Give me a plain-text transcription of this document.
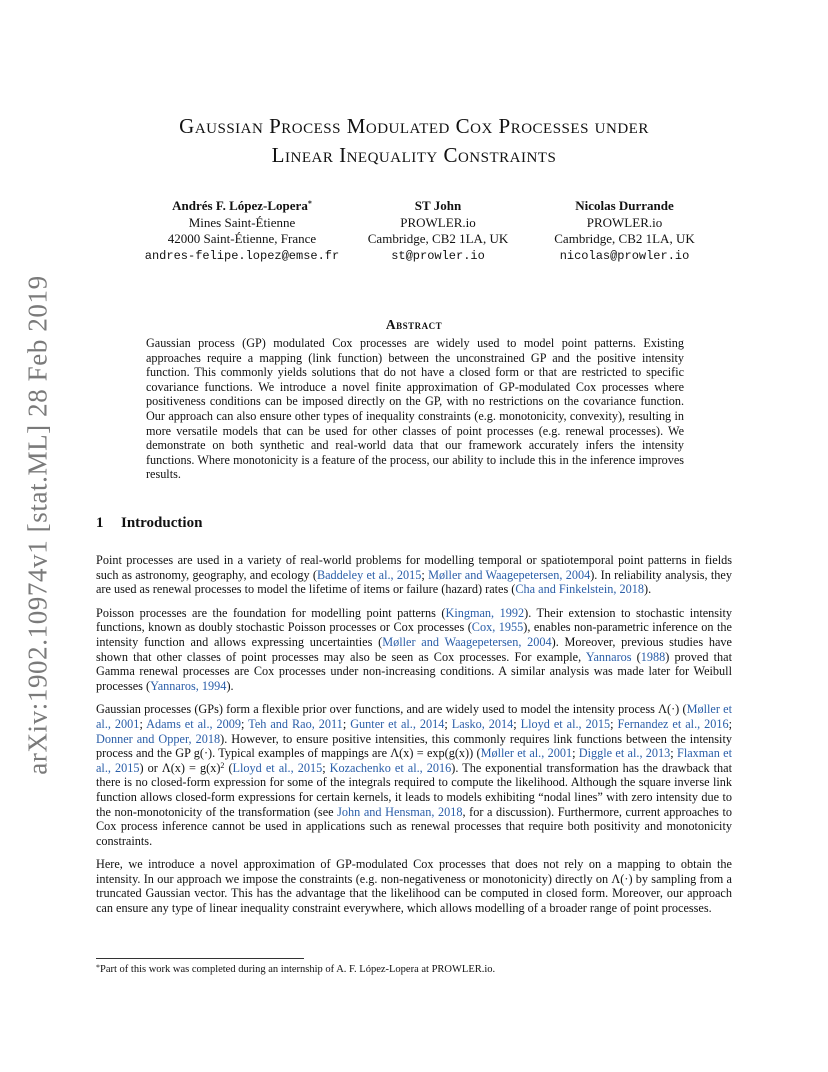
arXiv:1902.10974v1 [stat.ML] 28 Feb 2019
Gaussian Process Modulated Cox Processes under
Linear Inequality Constraints
Andrés F. López-Lopera*
Mines Saint-Étienne
42000 Saint-Étienne, France
andres-felipe.lopez@emse.fr
ST John
PROWLER.io
Cambridge, CB2 1LA, UK
st@prowler.io
Nicolas Durrande
PROWLER.io
Cambridge, CB2 1LA, UK
nicolas@prowler.io
Abstract
Gaussian process (GP) modulated Cox processes are widely used to model point patterns. Existing approaches require a mapping (link function) between the unconstrained GP and the positive intensity function. This commonly yields solutions that do not have a closed form or that are restricted to specific covariance functions. We introduce a novel finite approximation of GP-modulated Cox processes where positiveness conditions can be imposed directly on the GP, with no restrictions on the covariance function. Our approach can also ensure other types of inequality constraints (e.g. monotonicity, convexity), resulting in more versatile models that can be used for other classes of point processes (e.g. renewal processes). We demonstrate on both synthetic and real-world data that our framework accurately infers the intensity functions. Where monotonicity is a feature of the process, our ability to include this in the inference improves results.
1 Introduction

Point processes are used in a variety of real-world problems for modelling temporal or spatiotemporal point patterns in fields such as astronomy, geography, and ecology (Baddeley et al., 2015; Møller and Waagepetersen, 2004). In reliability analysis, they are used as renewal processes to model the lifetime of items or failure (hazard) rates (Cha and Finkelstein, 2018).

Poisson processes are the foundation for modelling point patterns (Kingman, 1992). Their extension to stochastic intensity functions, known as doubly stochastic Poisson processes or Cox processes (Cox, 1955), enables non-parametric inference on the intensity function and allows expressing uncertainties (Møller and Waagepetersen, 2004). Moreover, previous studies have shown that other classes of point processes may also be seen as Cox processes. For example, Yannaros (1988) proved that Gamma renewal processes are Cox processes under non-increasing conditions. A similar analysis was made later for Weibull processes (Yannaros, 1994).

Gaussian processes (GPs) form a flexible prior over functions, and are widely used to model the intensity process Λ(·) (Møller et al., 2001; Adams et al., 2009; Teh and Rao, 2011; Gunter et al., 2014; Lasko, 2014; Lloyd et al., 2015; Fernandez et al., 2016; Donner and Opper, 2018). However, to ensure positive intensities, this commonly requires link functions between the intensity process and the GP g(·). Typical examples of mappings are Λ(x) = exp(g(x)) (Møller et al., 2001; Diggle et al., 2013; Flaxman et al., 2015) or $\Lambda(x) = g(x)^2$ (Lloyd et al., 2015; Kozachenko et al., 2016). The exponential transformation has the drawback that there is no closed-form expression for some of the integrals required to compute the likelihood. Although the square inverse link function allows closed-form expressions for certain kernels, it leads to models exhibiting “nodal lines” with zero intensity due to the non-monotonicity of the transformation (see John and Hensman, 2018, for a discussion). Furthermore, current approaches to Cox process inference cannot be used in applications such as renewal processes that require both positivity and monotonicity constraints.

Here, we introduce a novel approximation of GP-modulated Cox processes that does not rely on a mapping to obtain the intensity. In our approach we impose the constraints (e.g. non-negativeness or monotonicity) directly on Λ(·) by sampling from a truncated Gaussian vector. This has the advantage that the likelihood can be computed in closed form. Moreover, our approach can ensure any type of linear inequality constraint everywhere, which allows modelling of a broader range of point processes.

*Part of this work was completed during an internship of A. F. López-Lopera at PROWLER.io.
